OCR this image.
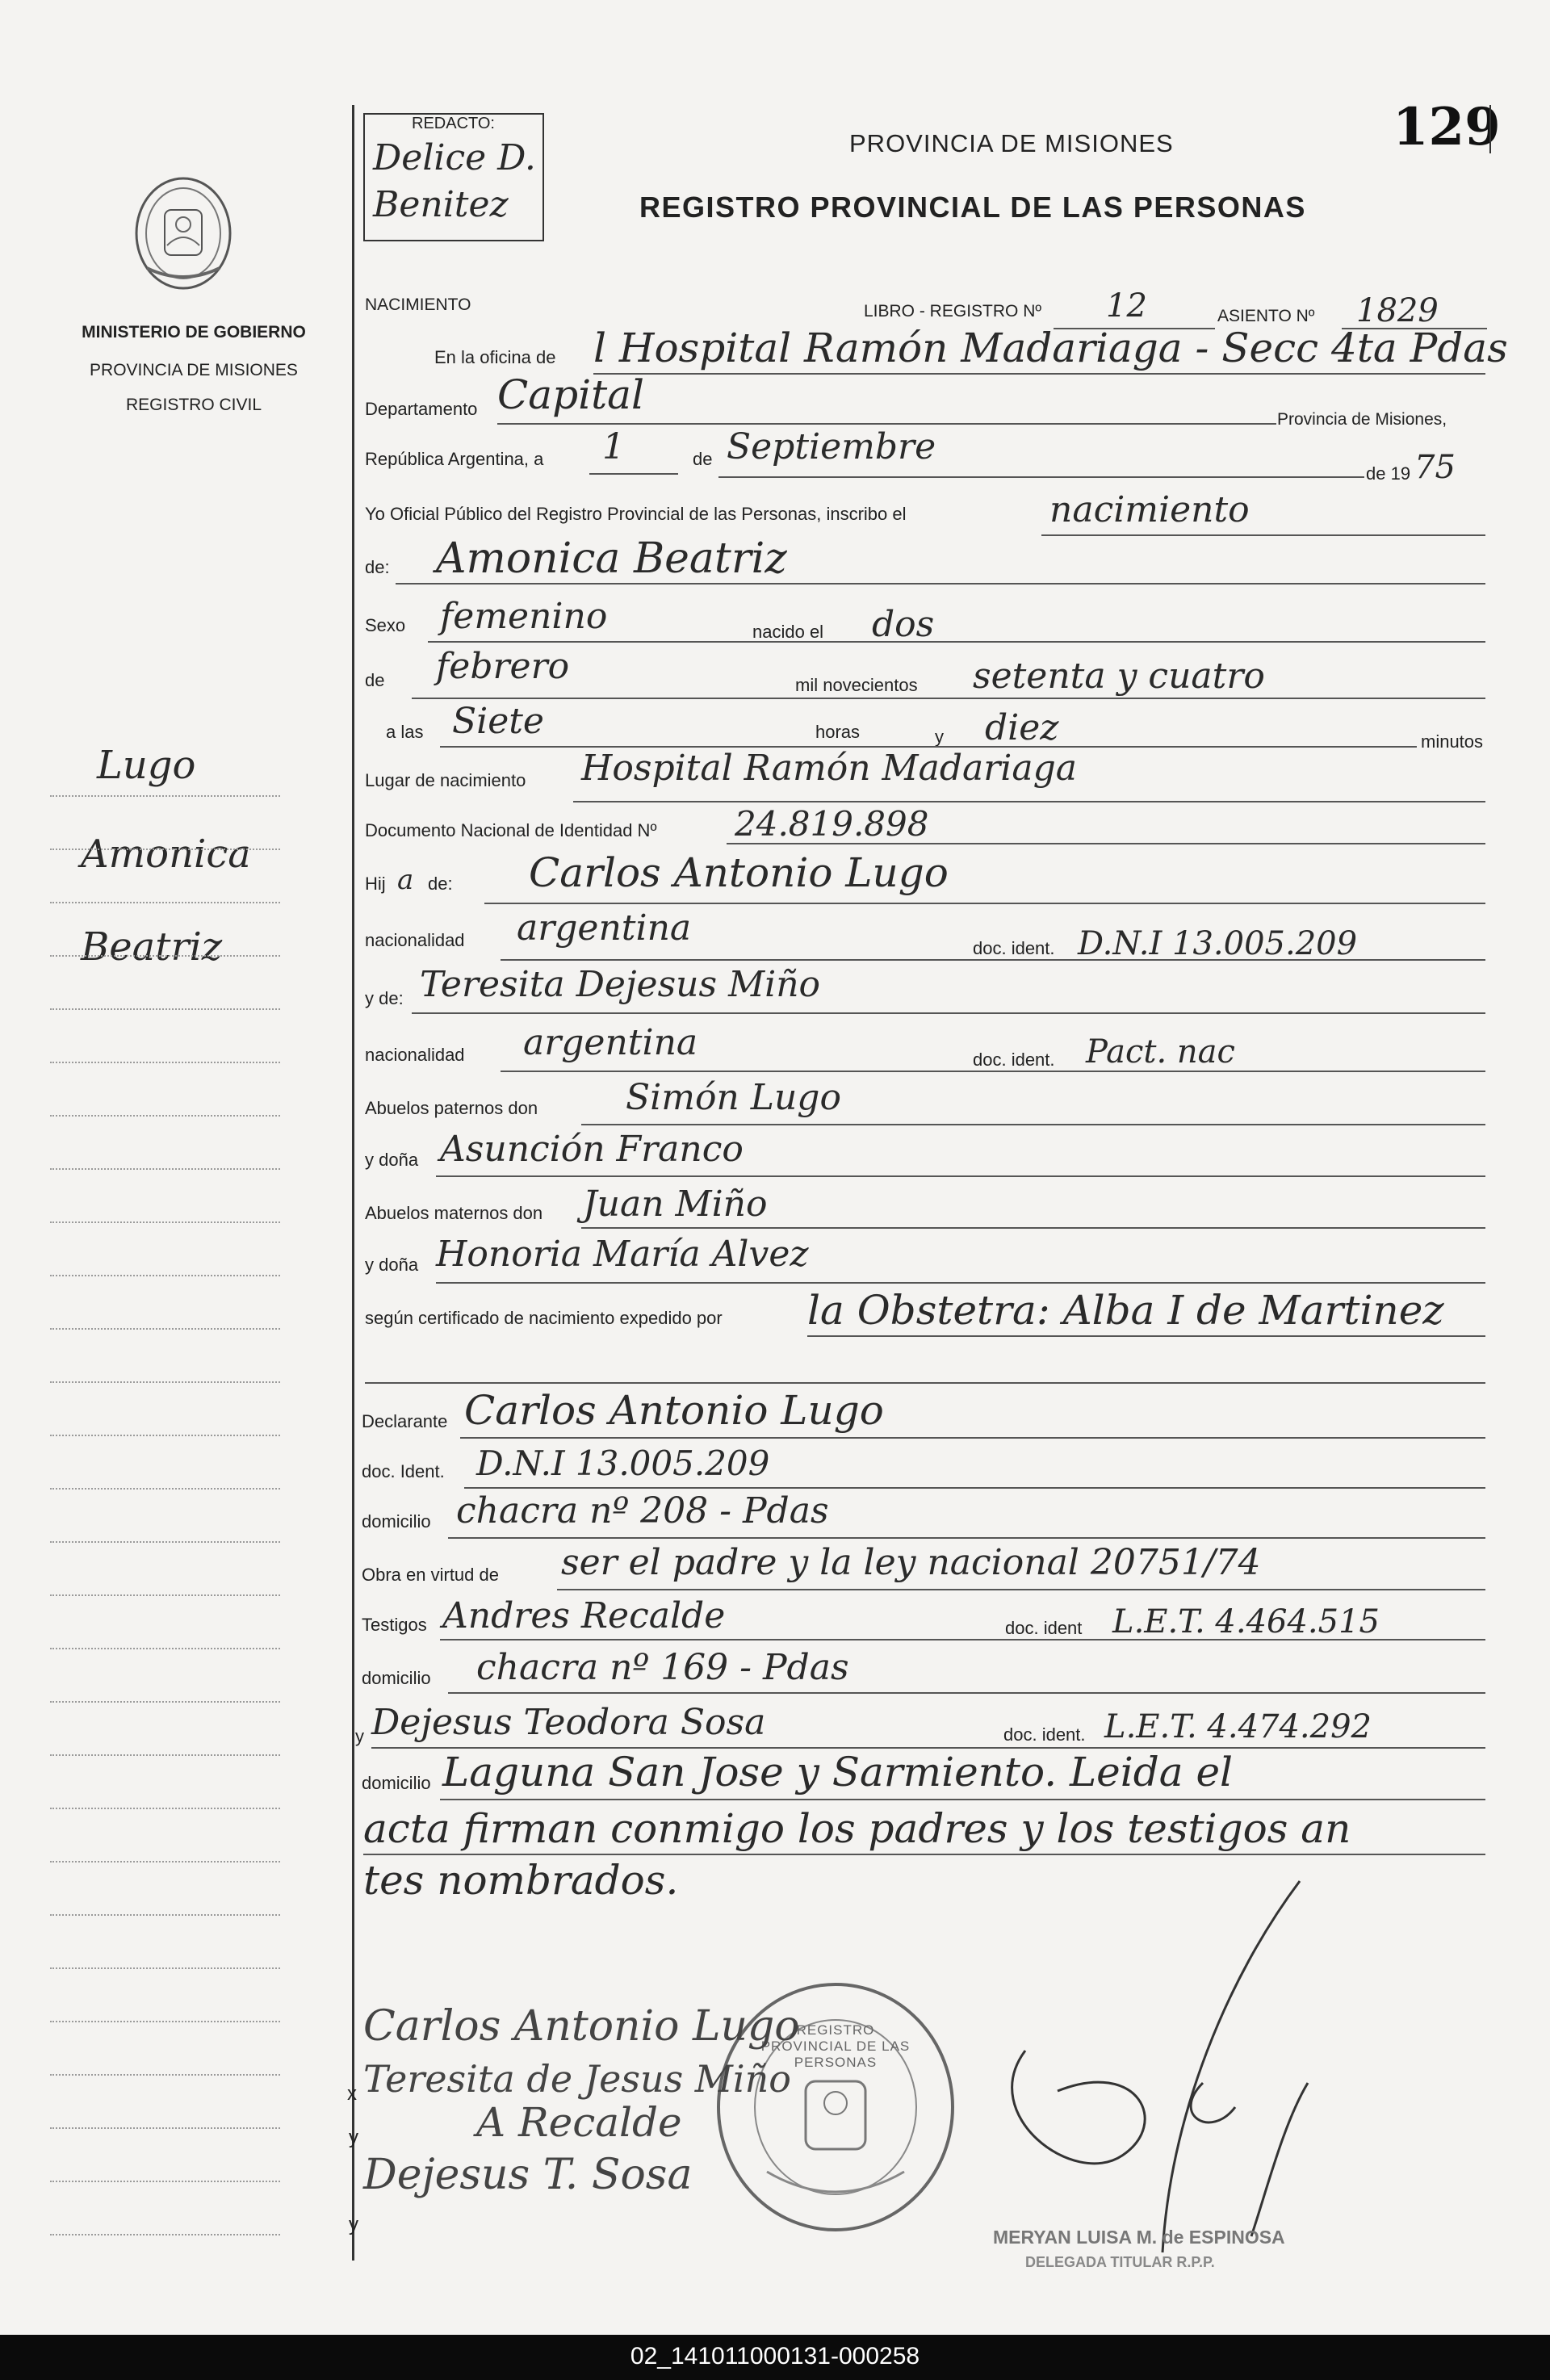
MINISTERIO DE GOBIERNO
PROVINCIA DE MISIONES
REGISTRO CIVIL
Lugo
Amonica
Beatriz
REDACTO:
Delice D.
Benitez
PROVINCIA DE MISIONES	129
REGISTRO PROVINCIAL DE LAS PERSONAS
NACIMIENTO	LIBRO - REGISTRO Nº 12	ASIENTO Nº 1829
En la oficina de l Hospital Ramón Madariaga - Secc 4ta Pdas
Departamento Capital
Provincia de Misiones,
República Argentina, a 1	de Septiembre
de 19 75
Yo Oficial Público del Registro Provincial de las Personas, inscribo el	nacimiento
de: Amonica Beatriz
Sexo femenino	nacido el dos
de febrero	mil novecientos setenta y cuatro
a las Siete	horas	y diez	minutos
Lugar de nacimiento Hospital Ramón Madariaga
Documento Nacional de Identidad Nº 24.819.898
Hij a de: Carlos Antonio Lugo
nacionalidad argentina	doc. ident. D.N.I 13.005.209
y de: Teresita Dejesus Miño
nacionalidad argentina	doc. ident. Pact. nac
Abuelos paternos don Simón Lugo
y doña Asunción Franco
Abuelos maternos don Juan Miño
y doña Honoria María Alvez
según certificado de nacimiento expedido por la Obstetra: Alba I de Martinez
Declarante Carlos Antonio Lugo
doc. Ident. D.N.I 13.005.209
domicilio chacra nº 208 - Pdas
Obra en virtud de ser el padre y la ley nacional 20751/74
Testigos Andres Recalde	doc. ident L.E.T. 4.464.515
domicilio chacra nº 169 - Pdas
y Dejesus Teodora Sosa	doc. ident. L.E.T. 4.474.292
domicilio Laguna San Jose y Sarmiento. Leida el
acta firman conmigo los padres y los testigos an
tes nombrados.
REGISTRO PROVINCIAL DE LAS PERSONAS
Carlos Antonio Lugo
x Teresita de Jesus Miño
y	A Recalde
Dejesus T. Sosa
y
MERYAN LUISA M. de ESPINOSA
DELEGADA TITULAR R.P.P.
02_141011000131-000258
